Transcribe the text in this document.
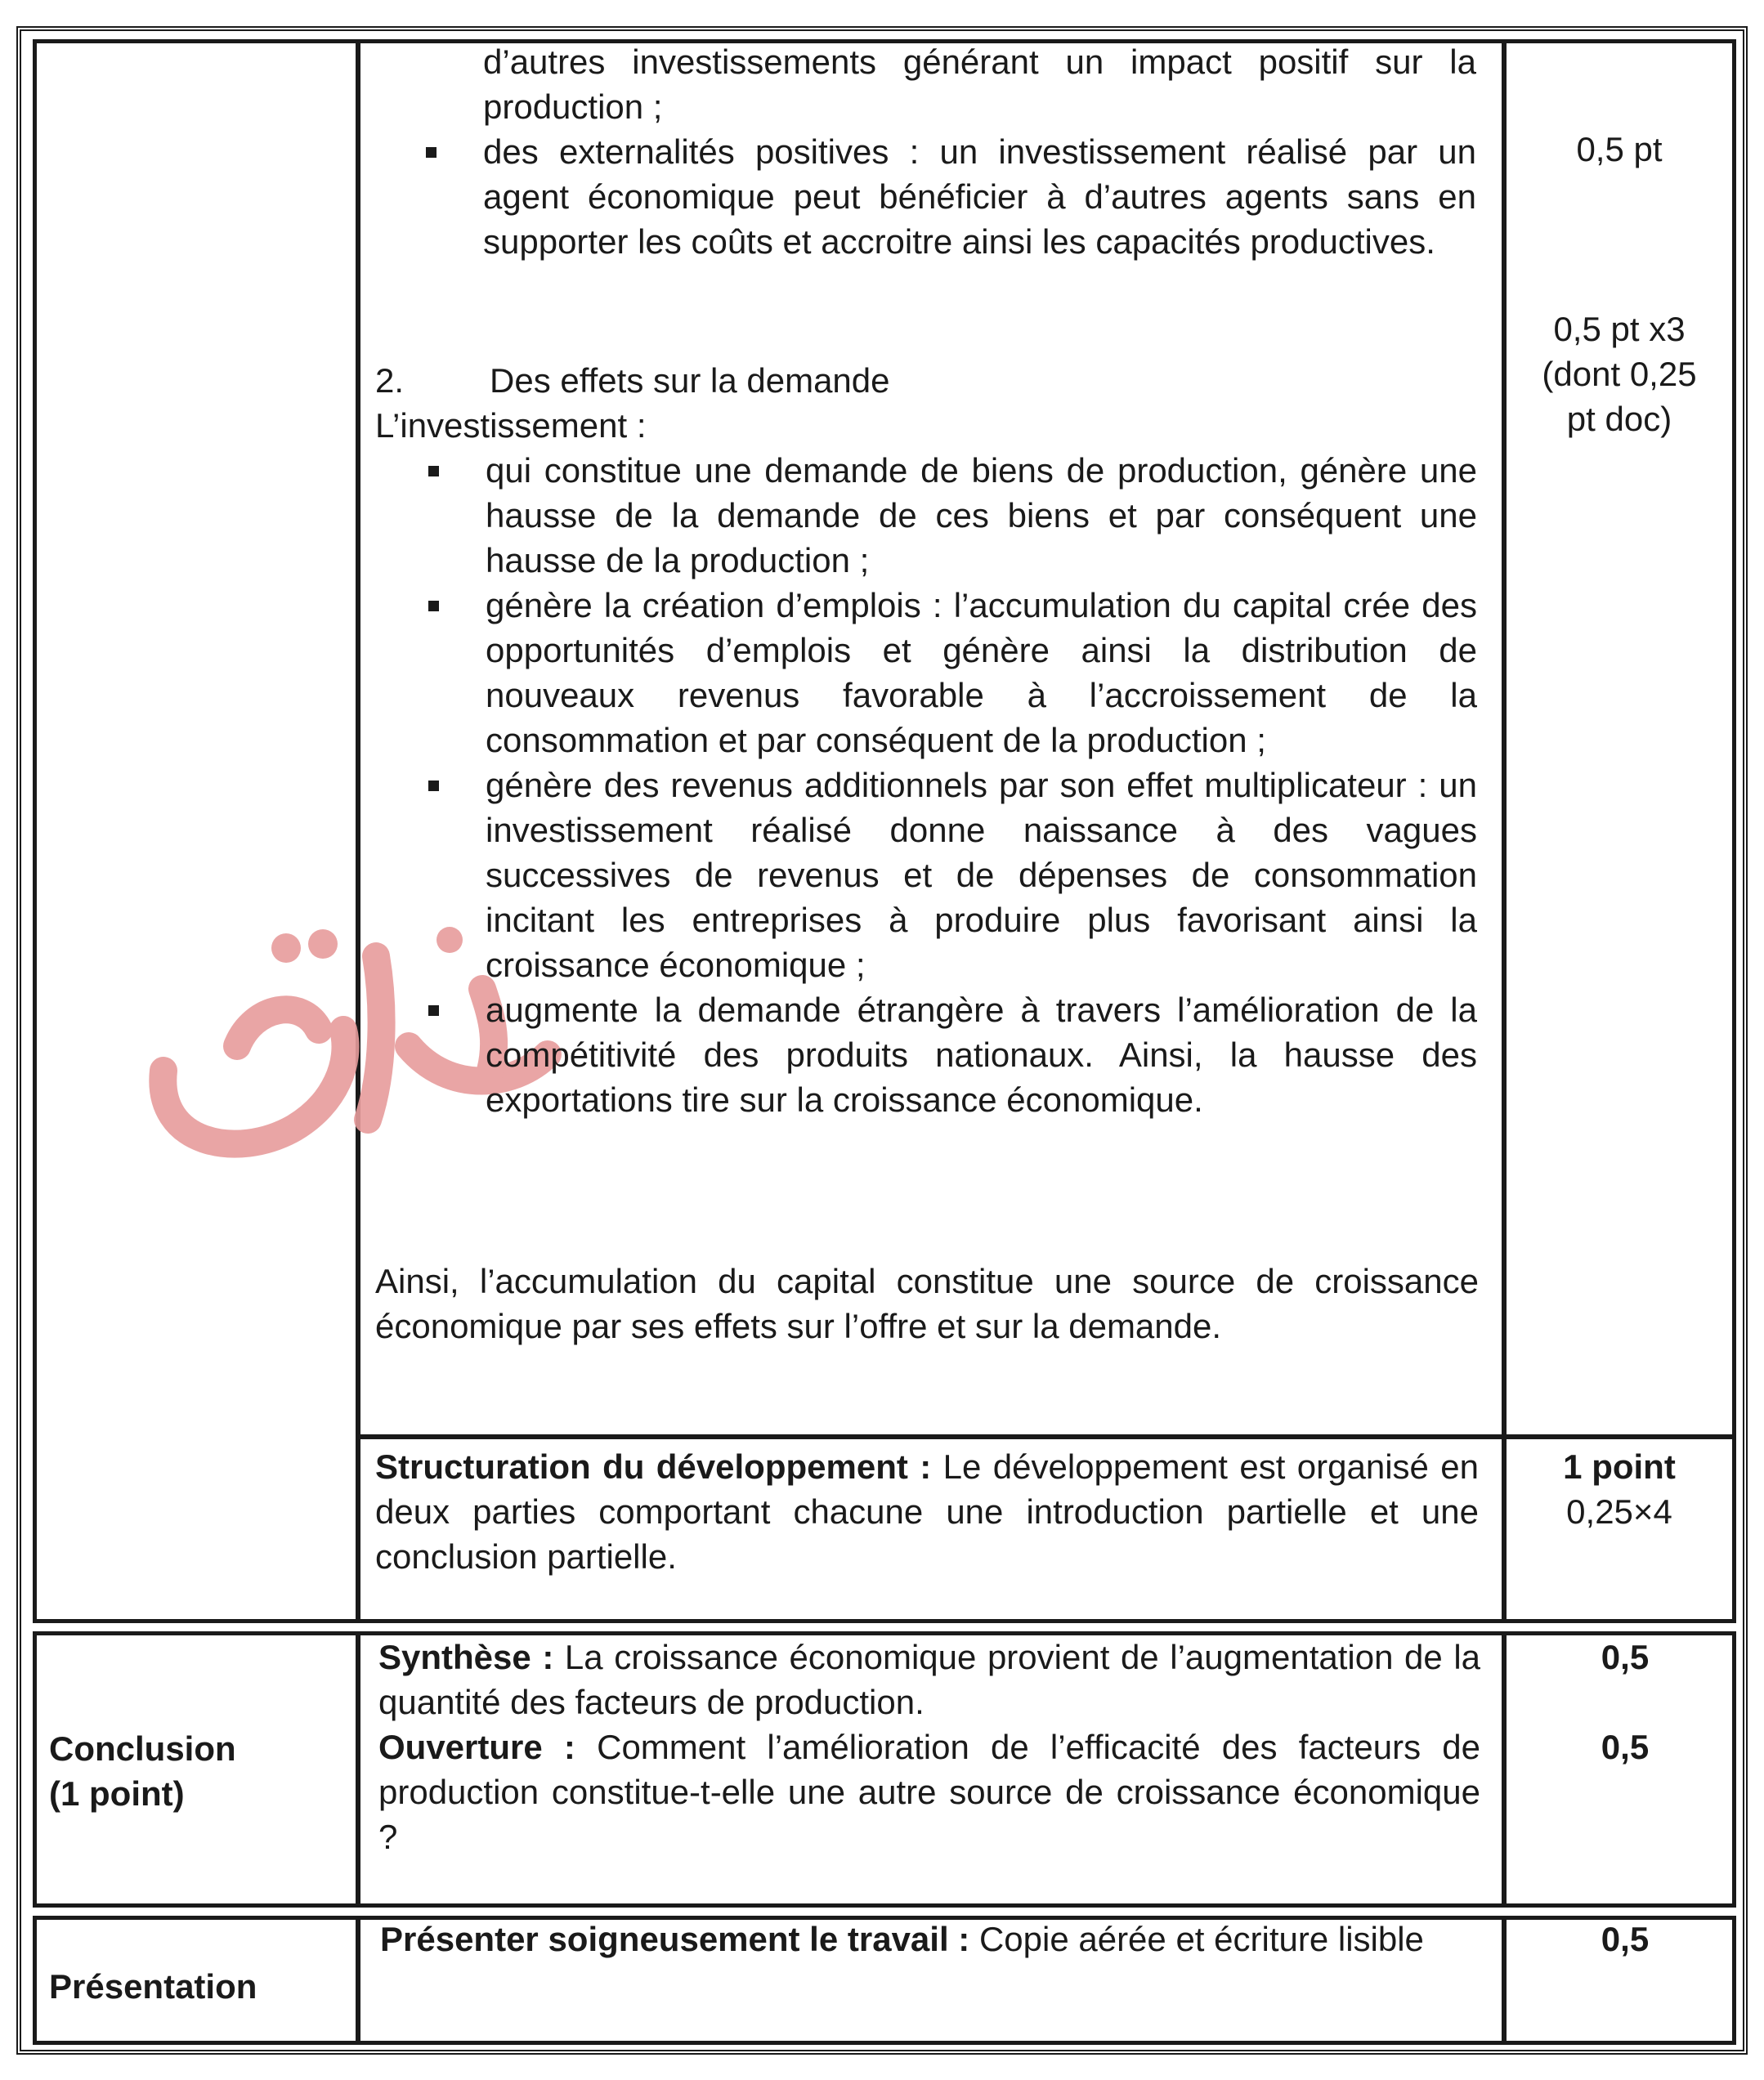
d’autres investissements générant un impact positif sur la production ;
des externalités positives : un investissement réalisé par un agent économique peut bénéficier à d’autres agents sans en supporter les coûts et accroitre ainsi les capacités productives.
2. Des effets sur la demande
L’investissement :
qui constitue une demande de biens de production, génère une hausse de la demande de ces biens et par conséquent une hausse de la production ;
génère la création d’emplois : l’accumulation du capital crée des opportunités d’emplois et génère ainsi la distribution de nouveaux revenus favorable à l’accroissement de la consommation et par conséquent de la production ;
génère des revenus additionnels par son effet multiplicateur : un investissement réalisé donne naissance à des vagues successives de revenus et de dépenses de consommation incitant les entreprises à produire plus favorisant ainsi la croissance économique ;
augmente la demande étrangère à travers l’amélioration de la compétitivité des produits nationaux. Ainsi, la hausse des exportations tire sur la croissance économique.
Ainsi, l’accumulation du capital constitue une source de croissance économique par ses effets sur l’offre et sur la demande.
0,5 pt
0,5 pt x3
(dont 0,25
pt doc)
Structuration du développement : Le développement est organisé en deux parties comportant chacune une introduction partielle et une conclusion partielle.
1 point
0,25×4
Conclusion
(1 point)
Synthèse : La croissance économique provient de l’augmentation de la quantité des facteurs de production.
Ouverture : Comment l’amélioration de l’efficacité des facteurs de production constitue-t-elle une autre source de croissance économique ?
0,5
0,5
Présentation
Présenter soigneusement le travail : Copie aérée et écriture lisible	0,5
